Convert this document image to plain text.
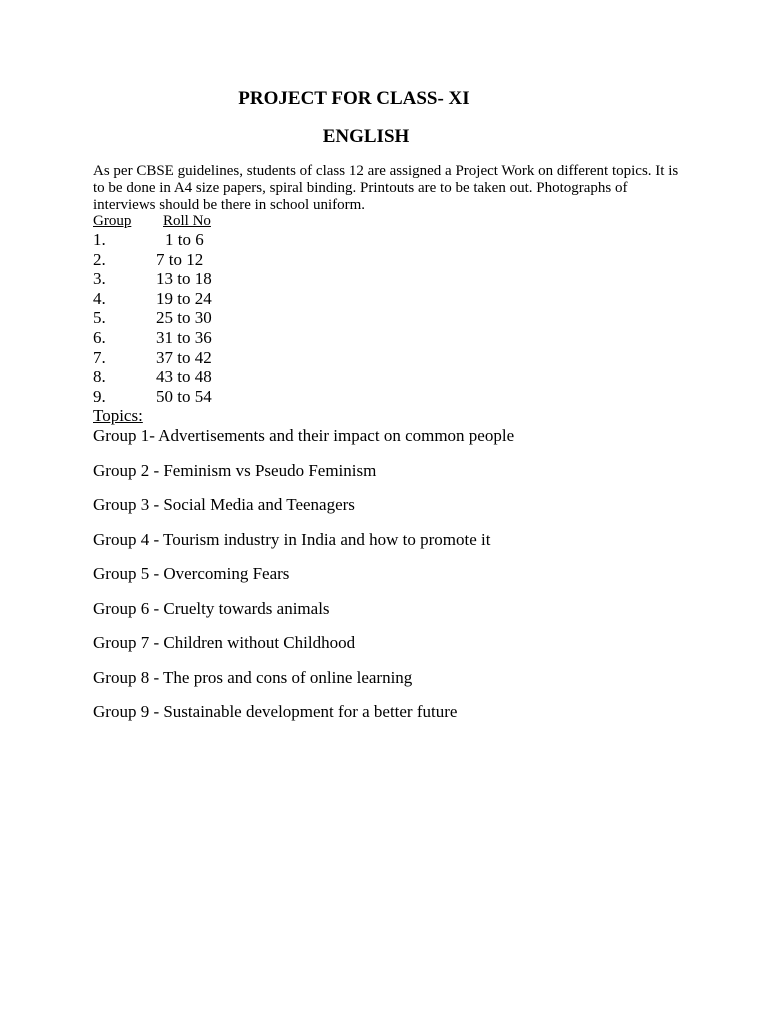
PROJECT FOR CLASS- XI
ENGLISH

As per CBSE guidelines, students of class 12 are assigned a Project Work on different topics. It is to be done in A4 size papers, spiral binding. Printouts are to be taken out. Photographs of interviews should be there in school uniform.

Group Roll No
1.	1 to 6
2.	7 to 12
3.	13 to 18
4.	19 to 24
5.	25 to 30
6.	31 to 36
7.	37 to 42
8.	43 to 48
9.	50 to 54
Topics:
Group 1- Advertisements and their impact on common people
Group 2 - Feminism vs Pseudo Feminism
Group 3 - Social Media and Teenagers
Group 4 - Tourism industry in India and how to promote it
Group 5 - Overcoming Fears
Group 6 - Cruelty towards animals
Group 7 - Children without Childhood
Group 8 - The pros and cons of online learning
Group 9 - Sustainable development for a better future
